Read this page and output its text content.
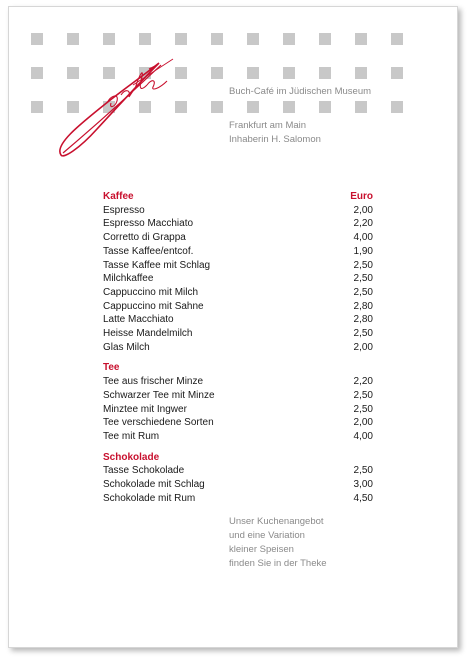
Buch-Café im Jüdischen Museum
Frankfurt am Main
Inhaberin H. Salomon
Kaffee	Euro
Espresso	2,00
Espresso Macchiato	2,20
Corretto di Grappa	4,00
Tasse Kaffee/entcof.	1,90
Tasse Kaffee mit Schlag	2,50
Milchkaffee	2,50
Cappuccino mit Milch	2,50
Cappuccino mit Sahne	2,80
Latte Macchiato	2,80
Heisse Mandelmilch	2,50
Glas Milch	2,00
Tee
Tee aus frischer Minze	2,20
Schwarzer Tee mit Minze	2,50
Minztee mit Ingwer	2,50
Tee verschiedene Sorten	2,00
Tee mit Rum	4,00
Schokolade
Tasse Schokolade	2,50
Schokolade mit Schlag	3,00
Schokolade mit Rum	4,50
Unser Kuchenangebot
und eine Variation
kleiner Speisen
finden Sie in der Theke
